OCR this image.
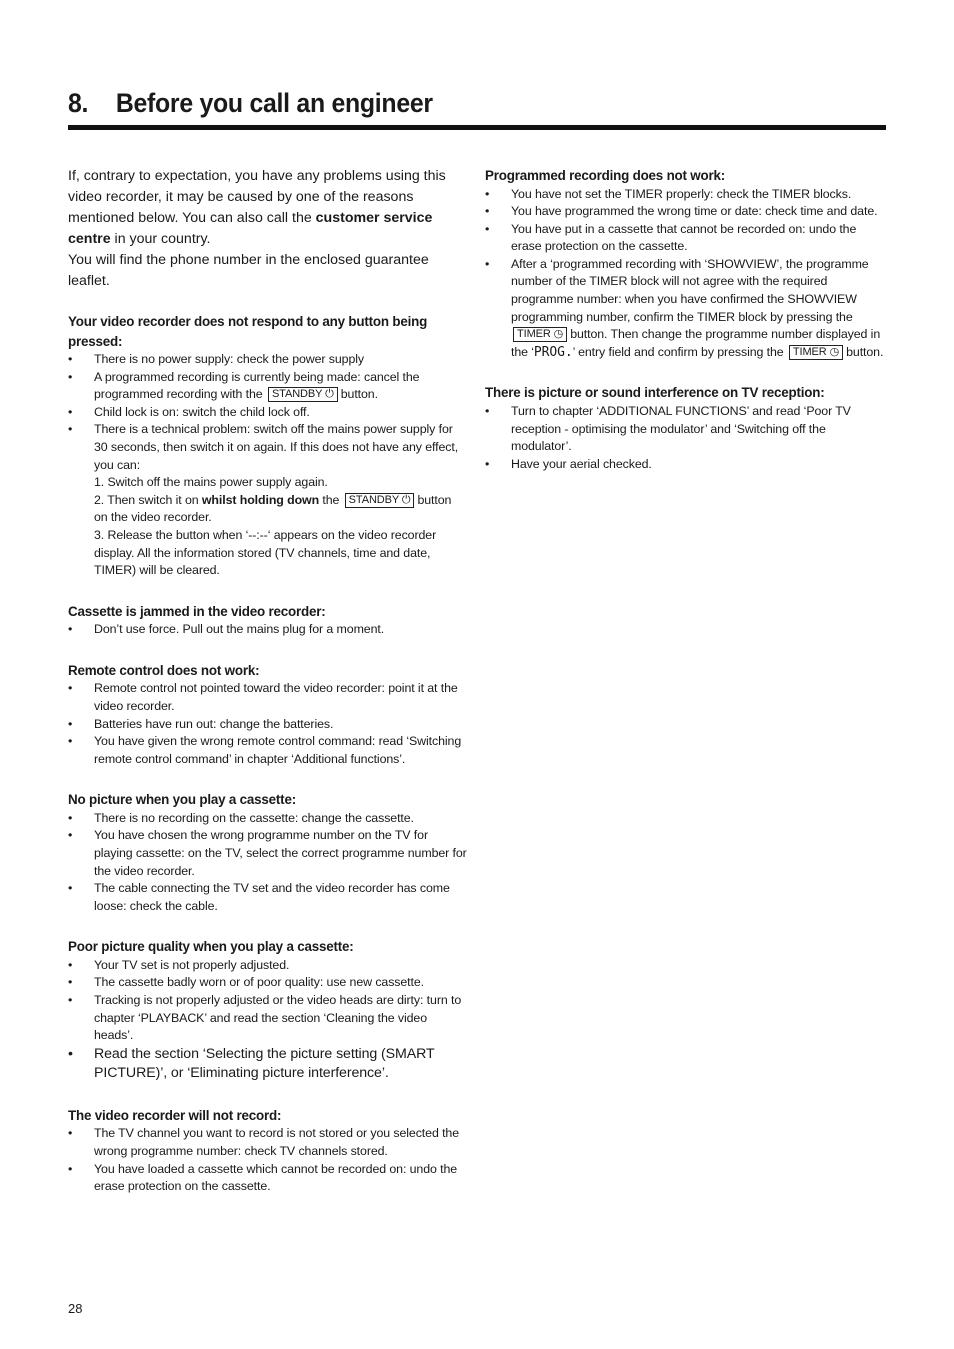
8. Before you call an engineer

If, contrary to expectation, you have any problems using this video recorder, it may be caused by one of the reasons mentioned below. You can also call the customer service centre in your country.

You will find the phone number in the enclosed guarantee leaflet.

Your video recorder does not respond to any button being pressed:

• There is no power supply: check the power supply
• A programmed recording is currently being made: cancel the programmed recording with the STANDBY ⏻ button.
• Child lock is on: switch the child lock off.
• There is a technical problem: switch off the mains power supply for 30 seconds, then switch it on again. If this does not have any effect, you can:
1. Switch off the mains power supply again.
2. Then switch it on whilst holding down the STANDBY ⏻ button on the video recorder.
3. Release the button when ‘--:--‘ appears on the video recorder display. All the information stored (TV channels, time and date, TIMER) will be cleared.

Cassette is jammed in the video recorder:

• Don’t use force. Pull out the mains plug for a moment.

Remote control does not work:

• Remote control not pointed toward the video recorder: point it at the video recorder.
• Batteries have run out: change the batteries.
• You have given the wrong remote control command: read ‘Switching remote control command’ in chapter ‘Additional functions’.

No picture when you play a cassette:

• There is no recording on the cassette: change the cassette.
• You have chosen the wrong programme number on the TV for playing cassette: on the TV, select the correct programme number for the video recorder.
• The cable connecting the TV set and the video recorder has come loose: check the cable.

Poor picture quality when you play a cassette:

• Your TV set is not properly adjusted.
• The cassette badly worn or of poor quality: use new cassette.
• Tracking is not properly adjusted or the video heads are dirty: turn to chapter ‘PLAYBACK’ and read the section ‘Cleaning the video heads’.
• Read the section ‘Selecting the picture setting (SMART PICTURE)’, or ‘Eliminating picture interference’.

The video recorder will not record:

• The TV channel you want to record is not stored or you selected the wrong programme number: check TV channels stored.
• You have loaded a cassette which cannot be recorded on: undo the erase protection on the cassette.

Programmed recording does not work:

• You have not set the TIMER properly: check the TIMER blocks.
• You have programmed the wrong time or date: check time and date.
• You have put in a cassette that cannot be recorded on: undo the erase protection on the cassette.
• After a ‘programmed recording with ‘SHOWVIEW’, the programme number of the TIMER block will not agree with the required programme number: when you have confirmed the SHOWVIEW programming number, confirm the TIMER block by pressing the TIMER ◷ button. Then change the programme number displayed in the ‘PROG.’ entry field and confirm by pressing the TIMER ◷ button.

There is picture or sound interference on TV reception:

• Turn to chapter ‘ADDITIONAL FUNCTIONS’ and read ‘Poor TV reception - optimising the modulator’ and ‘Switching off the modulator’.
• Have your aerial checked.
28
